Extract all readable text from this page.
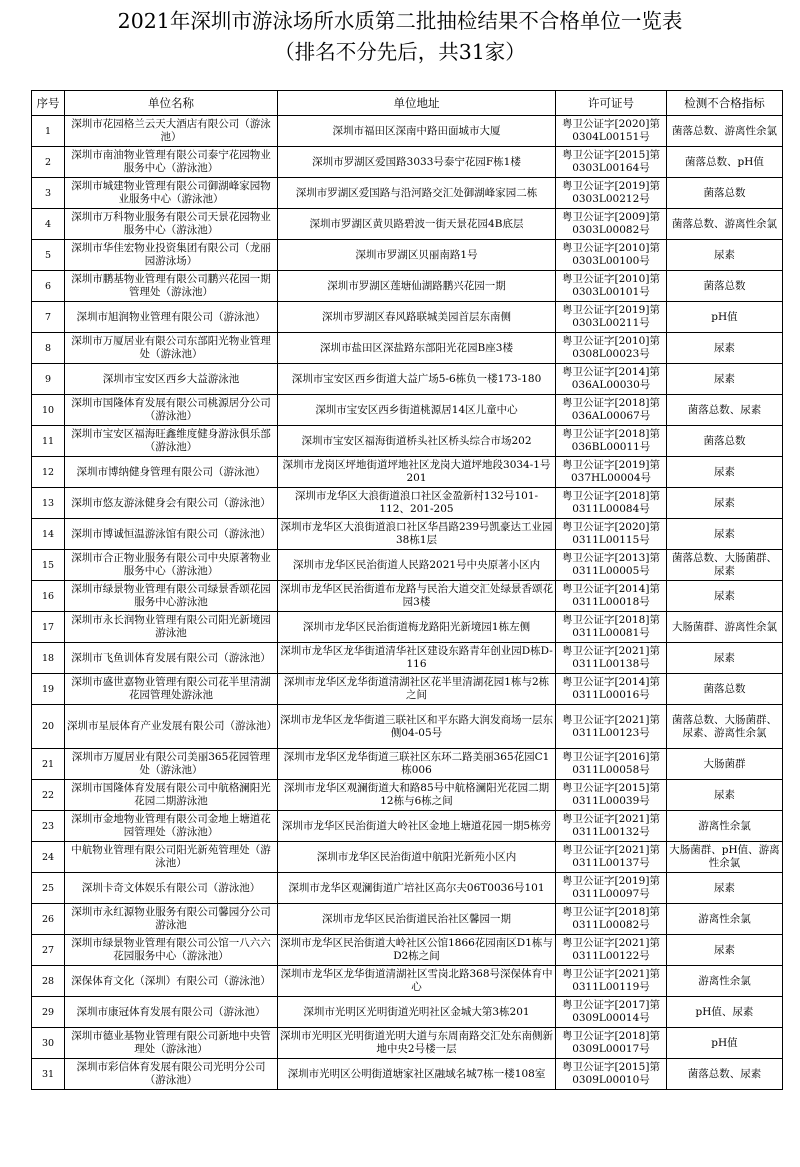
2021年深圳市游泳场所水质第二批抽检结果不合格单位一览表
（排名不分先后，共31家）
序号	单位名称	单位地址	许可证号	检测不合格指标
1	深圳市花园格兰云天大酒店有限公司（游泳池）	深圳市福田区深南中路田面城市大厦	粤卫公证字[2020]第0304L00151号	菌落总数、游离性余氯
2	深圳市南油物业管理有限公司泰宁花园物业服务中心（游泳池）	深圳市罗湖区爱国路3033号泰宁花园F栋1楼	粤卫公证字[2015]第0303L00164号	菌落总数、pH值
3	深圳市城建物业管理有限公司御湖峰家园物业服务中心（游泳池）	深圳市罗湖区爱国路与沿河路交汇处御湖峰家园二栋	粤卫公证字[2019]第0303L00212号	菌落总数
4	深圳市万科物业服务有限公司天景花园物业服务中心（游泳池）	深圳市罗湖区黄贝路碧波一街天景花园4B底层	粤卫公证字[2009]第0303L00082号	菌落总数、游离性余氯
5	深圳市华佳宏物业投资集团有限公司（龙丽园游泳场）	深圳市罗湖区贝丽南路1号	粤卫公证字[2010]第0303L00100号	尿素
6	深圳市鹏基物业管理有限公司鹏兴花园一期管理处（游泳池）	深圳市罗湖区莲塘仙湖路鹏兴花园一期	粤卫公证字[2010]第0303L00101号	菌落总数
7	深圳市旭润物业管理有限公司（游泳池）	深圳市罗湖区春风路联城美园首层东南侧	粤卫公证字[2019]第0303L00211号	pH值
8	深圳市万厦居业有限公司东部阳光物业管理处（游泳池）	深圳市盐田区深盐路东部阳光花园B座3楼	粤卫公证字[2010]第0308L00023号	尿素
9	深圳市宝安区西乡大益游泳池	深圳市宝安区西乡街道大益广场5-6栋负一楼173-180	粤卫公证字[2014]第036AL00030号	尿素
10	深圳市国隆体育发展有限公司桃源居分公司（游泳池）	深圳市宝安区西乡街道桃源居14区儿童中心	粤卫公证字[2018]第036AL00067号	菌落总数、尿素
11	深圳市宝安区福海旺鑫维度健身游泳俱乐部（游泳池）	深圳市宝安区福海街道桥头社区桥头综合市场202	粤卫公证字[2018]第036BL00011号	菌落总数
12	深圳市博纳健身管理有限公司（游泳池）	深圳市龙岗区坪地街道坪地社区龙岗大道坪地段3034-1号201	粤卫公证字[2019]第037HL00004号	尿素
13	深圳市悠友游泳健身会有限公司（游泳池）	深圳市龙华区大浪街道浪口社区金盈新村132号101-112、201-205	粤卫公证字[2018]第0311L00084号	尿素
14	深圳市博诚恒温游泳馆有限公司（游泳池）	深圳市龙华区大浪街道浪口社区华昌路239号凯豪达工业园38栋1层	粤卫公证字[2020]第0311L00115号	尿素
15	深圳市合正物业服务有限公司中央原著物业服务中心（游泳池）	深圳市龙华区民治街道人民路2021号中央原著小区内	粤卫公证字[2013]第0311L00005号	菌落总数、大肠菌群、尿素
16	深圳市绿景物业管理有限公司绿景香颂花园服务中心游泳池	深圳市龙华区民治街道布龙路与民治大道交汇处绿景香颂花园3楼	粤卫公证字[2014]第0311L00018号	尿素
17	深圳市永长润物业管理有限公司阳光新境园游泳池	深圳市龙华区民治街道梅龙路阳光新境园1栋左侧	粤卫公证字[2018]第0311L00081号	大肠菌群、游离性余氯
18	深圳市飞鱼训体育发展有限公司（游泳池）	深圳市龙华区龙华街道清华社区建设东路青年创业园D栋D-116	粤卫公证字[2021]第0311L00138号	尿素
19	深圳市盛世嘉物业管理有限公司花半里清湖花园管理处游泳池	深圳市龙华区龙华街道清湖社区花半里清湖花园1栋与2栋之间	粤卫公证字[2014]第0311L00016号	菌落总数
20	深圳市星辰体育产业发展有限公司（游泳池）	深圳市龙华区龙华街道三联社区和平东路大润发商场一层东侧04-05号	粤卫公证字[2021]第0311L00123号	菌落总数、大肠菌群、尿素、游离性余氯
21	深圳市万厦居业有限公司美丽365花园管理处（游泳池）	深圳市龙华区龙华街道三联社区东环二路美丽365花园C1栋006	粤卫公证字[2016]第0311L00058号	大肠菌群
22	深圳市国隆体育发展有限公司中航格澜阳光花园二期游泳池	深圳市龙华区观澜街道大和路85号中航格澜阳光花园二期12栋与6栋之间	粤卫公证字[2015]第0311L00039号	尿素
23	深圳市金地物业管理有限公司金地上塘道花园管理处（游泳池）	深圳市龙华区民治街道大岭社区金地上塘道花园一期5栋旁	粤卫公证字[2021]第0311L00132号	游离性余氯
24	中航物业管理有限公司阳光新苑管理处（游泳池）	深圳市龙华区民治街道中航阳光新苑小区内	粤卫公证字[2021]第0311L00137号	大肠菌群、pH值、游离性余氯
25	深圳卡奇文体娱乐有限公司（游泳池）	深圳市龙华区观澜街道广培社区高尔夫06T0036号101	粤卫公证字[2019]第0311L00097号	尿素
26	深圳市永红源物业服务有限公司馨园分公司游泳池	深圳市龙华区民治街道民治社区馨园一期	粤卫公证字[2018]第0311L00082号	游离性余氯
27	深圳市绿景物业管理有限公司公馆一八六六花园服务中心（游泳池）	深圳市龙华区民治街道大岭社区公馆1866花园南区D1栋与D2栋之间	粤卫公证字[2021]第0311L00122号	尿素
28	深保体育文化（深圳）有限公司（游泳池）	深圳市龙华区龙华街道清湖社区雪岗北路368号深保体育中心	粤卫公证字[2021]第0311L00119号	游离性余氯
29	深圳市康冠体育发展有限公司（游泳池）	深圳市光明区光明街道光明社区金城大第3栋201	粤卫公证字[2017]第0309L00014号	pH值、尿素
30	深圳市德业基物业管理有限公司新地中央管理处（游泳池）	深圳市光明区光明街道光明大道与东周南路交汇处东南侧新地中央2号楼一层	粤卫公证字[2018]第0309L00017号	pH值
31	深圳市彩信体育发展有限公司光明分公司（游泳池）	深圳市光明区公明街道塘家社区融域名城7栋一楼108室	粤卫公证字[2015]第0309L00010号	菌落总数、尿素
